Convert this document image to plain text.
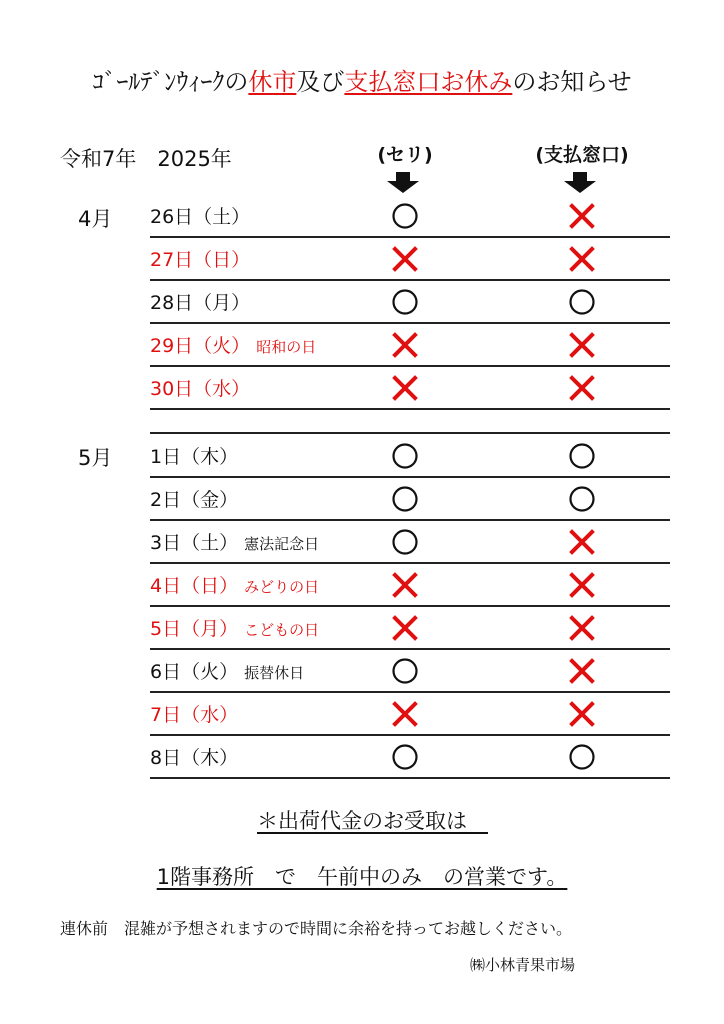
ｺﾞｰﾙﾃﾞﾝｳｨｰｸの休市及び支払窓口お休みのお知らせ
令和7年　2025年	(セリ)	(支払窓口)
4月
5月
26日（土）
27日（日）
28日（月）
29日（火） 昭和の日
30日（水）
1日（木）
2日（金）
3日（土） 憲法記念日
4日（日） みどりの日
5日（月） こどもの日
6日（火） 振替休日
7日（水）
8日（木）
＊出荷代金のお受取は　
1階事務所　で　午前中のみ　の営業です。
連休前　混雑が予想されますので時間に余裕を持ってお越しください。
㈱小林青果市場
